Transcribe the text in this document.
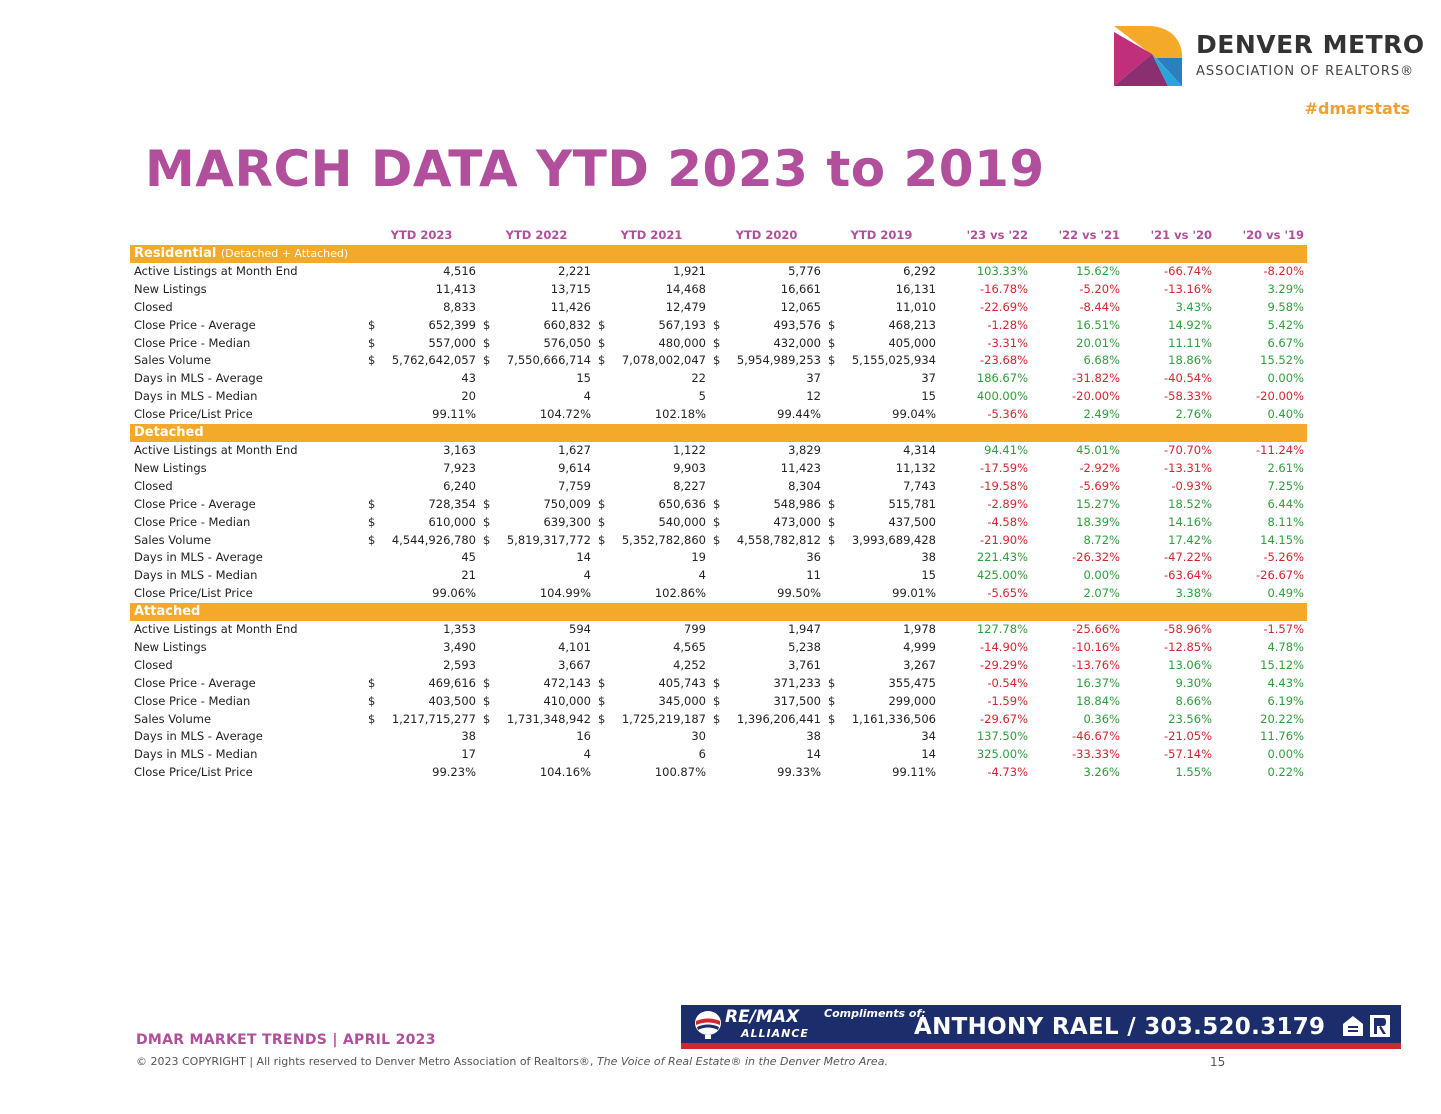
DENVER METRO
ASSOCIATION OF REALTORS®
#dmarstats
MARCH DATA YTD 2023 to 2019
	YTD 2023	YTD 2022	YTD 2021	YTD 2020	YTD 2019	'23 vs '22	'22 vs '21	'21 vs '20	'20 vs '19
Residential (Detached + Attached)									
Active Listings at Month End	4,516	2,221	1,921	5,776	6,292	103.33%	15.62%	-66.74%	-8.20%
New Listings	11,413	13,715	14,468	16,661	16,131	-16.78%	-5.20%	-13.16%	3.29%
Closed	8,833	11,426	12,479	12,065	11,010	-22.69%	-8.44%	3.43%	9.58%
Close Price - Average	$ 652,399	$ 660,832	$ 567,193	$ 493,576	$ 468,213	-1.28%	16.51%	14.92%	5.42%
Close Price - Median	$ 557,000	$ 576,050	$ 480,000	$ 432,000	$ 405,000	-3.31%	20.01%	11.11%	6.67%
Sales Volume	$ 5,762,642,057	$ 7,550,666,714	$ 7,078,002,047	$ 5,954,989,253	$ 5,155,025,934	-23.68%	6.68%	18.86%	15.52%
Days in MLS - Average	43	15	22	37	37	186.67%	-31.82%	-40.54%	0.00%
Days in MLS - Median	20	4	5	12	15	400.00%	-20.00%	-58.33%	-20.00%
Close Price/List Price	99.11%	104.72%	102.18%	99.44%	99.04%	-5.36%	2.49%	2.76%	0.40%
Detached									
Active Listings at Month End	3,163	1,627	1,122	3,829	4,314	94.41%	45.01%	-70.70%	-11.24%
New Listings	7,923	9,614	9,903	11,423	11,132	-17.59%	-2.92%	-13.31%	2.61%
Closed	6,240	7,759	8,227	8,304	7,743	-19.58%	-5.69%	-0.93%	7.25%
Close Price - Average	$ 728,354	$ 750,009	$ 650,636	$ 548,986	$ 515,781	-2.89%	15.27%	18.52%	6.44%
Close Price - Median	$ 610,000	$ 639,300	$ 540,000	$ 473,000	$ 437,500	-4.58%	18.39%	14.16%	8.11%
Sales Volume	$ 4,544,926,780	$ 5,819,317,772	$ 5,352,782,860	$ 4,558,782,812	$ 3,993,689,428	-21.90%	8.72%	17.42%	14.15%
Days in MLS - Average	45	14	19	36	38	221.43%	-26.32%	-47.22%	-5.26%
Days in MLS - Median	21	4	4	11	15	425.00%	0.00%	-63.64%	-26.67%
Close Price/List Price	99.06%	104.99%	102.86%	99.50%	99.01%	-5.65%	2.07%	3.38%	0.49%
Attached									
Active Listings at Month End	1,353	594	799	1,947	1,978	127.78%	-25.66%	-58.96%	-1.57%
New Listings	3,490	4,101	4,565	5,238	4,999	-14.90%	-10.16%	-12.85%	4.78%
Closed	2,593	3,667	4,252	3,761	3,267	-29.29%	-13.76%	13.06%	15.12%
Close Price - Average	$ 469,616	$ 472,143	$ 405,743	$ 371,233	$ 355,475	-0.54%	16.37%	9.30%	4.43%
Close Price - Median	$ 403,500	$ 410,000	$ 345,000	$ 317,500	$ 299,000	-1.59%	18.84%	8.66%	6.19%
Sales Volume	$ 1,217,715,277	$ 1,731,348,942	$ 1,725,219,187	$ 1,396,206,441	$ 1,161,336,506	-29.67%	0.36%	23.56%	20.22%
Days in MLS - Average	38	16	30	38	34	137.50%	-46.67%	-21.05%	11.76%
Days in MLS - Median	17	4	6	14	14	325.00%	-33.33%	-57.14%	0.00%
Close Price/List Price	99.23%	104.16%	100.87%	99.33%	99.11%	-4.73%	3.26%	1.55%	0.22%
RE/MAX
ALLIANCE
Compliments of:
ANTHONY RAEL / 303.520.3179
DMAR MARKET TRENDS | APRIL 2023
© 2023 COPYRIGHT | All rights reserved to Denver Metro Association of Realtors®, The Voice of Real Estate® in the Denver Metro Area.	15
